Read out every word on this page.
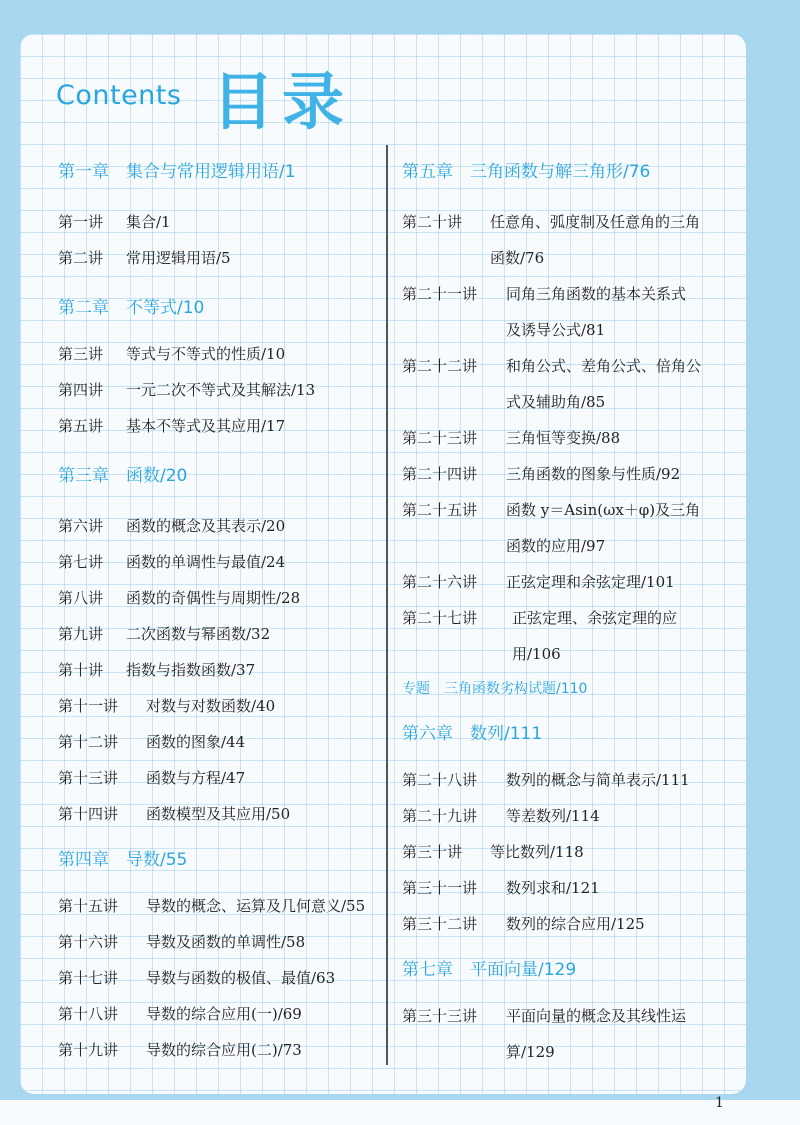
Contents 目录
第一章　集合与常用逻辑用语/1
第一讲	集合/1
第二讲	常用逻辑用语/5
第二章　不等式/10
第三讲	等式与不等式的性质/10
第四讲	一元二次不等式及其解法/13
第五讲	基本不等式及其应用/17
第三章　函数/20
第六讲	函数的概念及其表示/20
第七讲	函数的单调性与最值/24
第八讲	函数的奇偶性与周期性/28
第九讲	二次函数与幂函数/32
第十讲	指数与指数函数/37
第十一讲	对数与对数函数/40
第十二讲	函数的图象/44
第十三讲	函数与方程/47
第十四讲	函数模型及其应用/50
第四章　导数/55
第十五讲	导数的概念、运算及几何意义/55
第十六讲	导数及函数的单调性/58
第十七讲	导数与函数的极值、最值/63
第十八讲	导数的综合应用(一)/69
第十九讲	导数的综合应用(二)/73
第五章　三角函数与解三角形/76
第二十讲	任意角、弧度制及任意角的三角
函数/76
第二十一讲	同角三角函数的基本关系式
及诱导公式/81
第二十二讲	和角公式、差角公式、倍角公
式及辅助角/85
第二十三讲	三角恒等变换/88
第二十四讲	三角函数的图象与性质/92
第二十五讲	函数 y＝Asin(ωx＋φ)及三角
函数的应用/97
第二十六讲	正弦定理和余弦定理/101
第二十七讲	正弦定理、余弦定理的应
用/106
专题　三角函数劣构试题/110
第六章　数列/111
第二十八讲	数列的概念与简单表示/111
第二十九讲	等差数列/114
第三十讲	等比数列/118
第三十一讲	数列求和/121
第三十二讲	数列的综合应用/125
第七章　平面向量/129
第三十三讲	平面向量的概念及其线性运
算/129
1
